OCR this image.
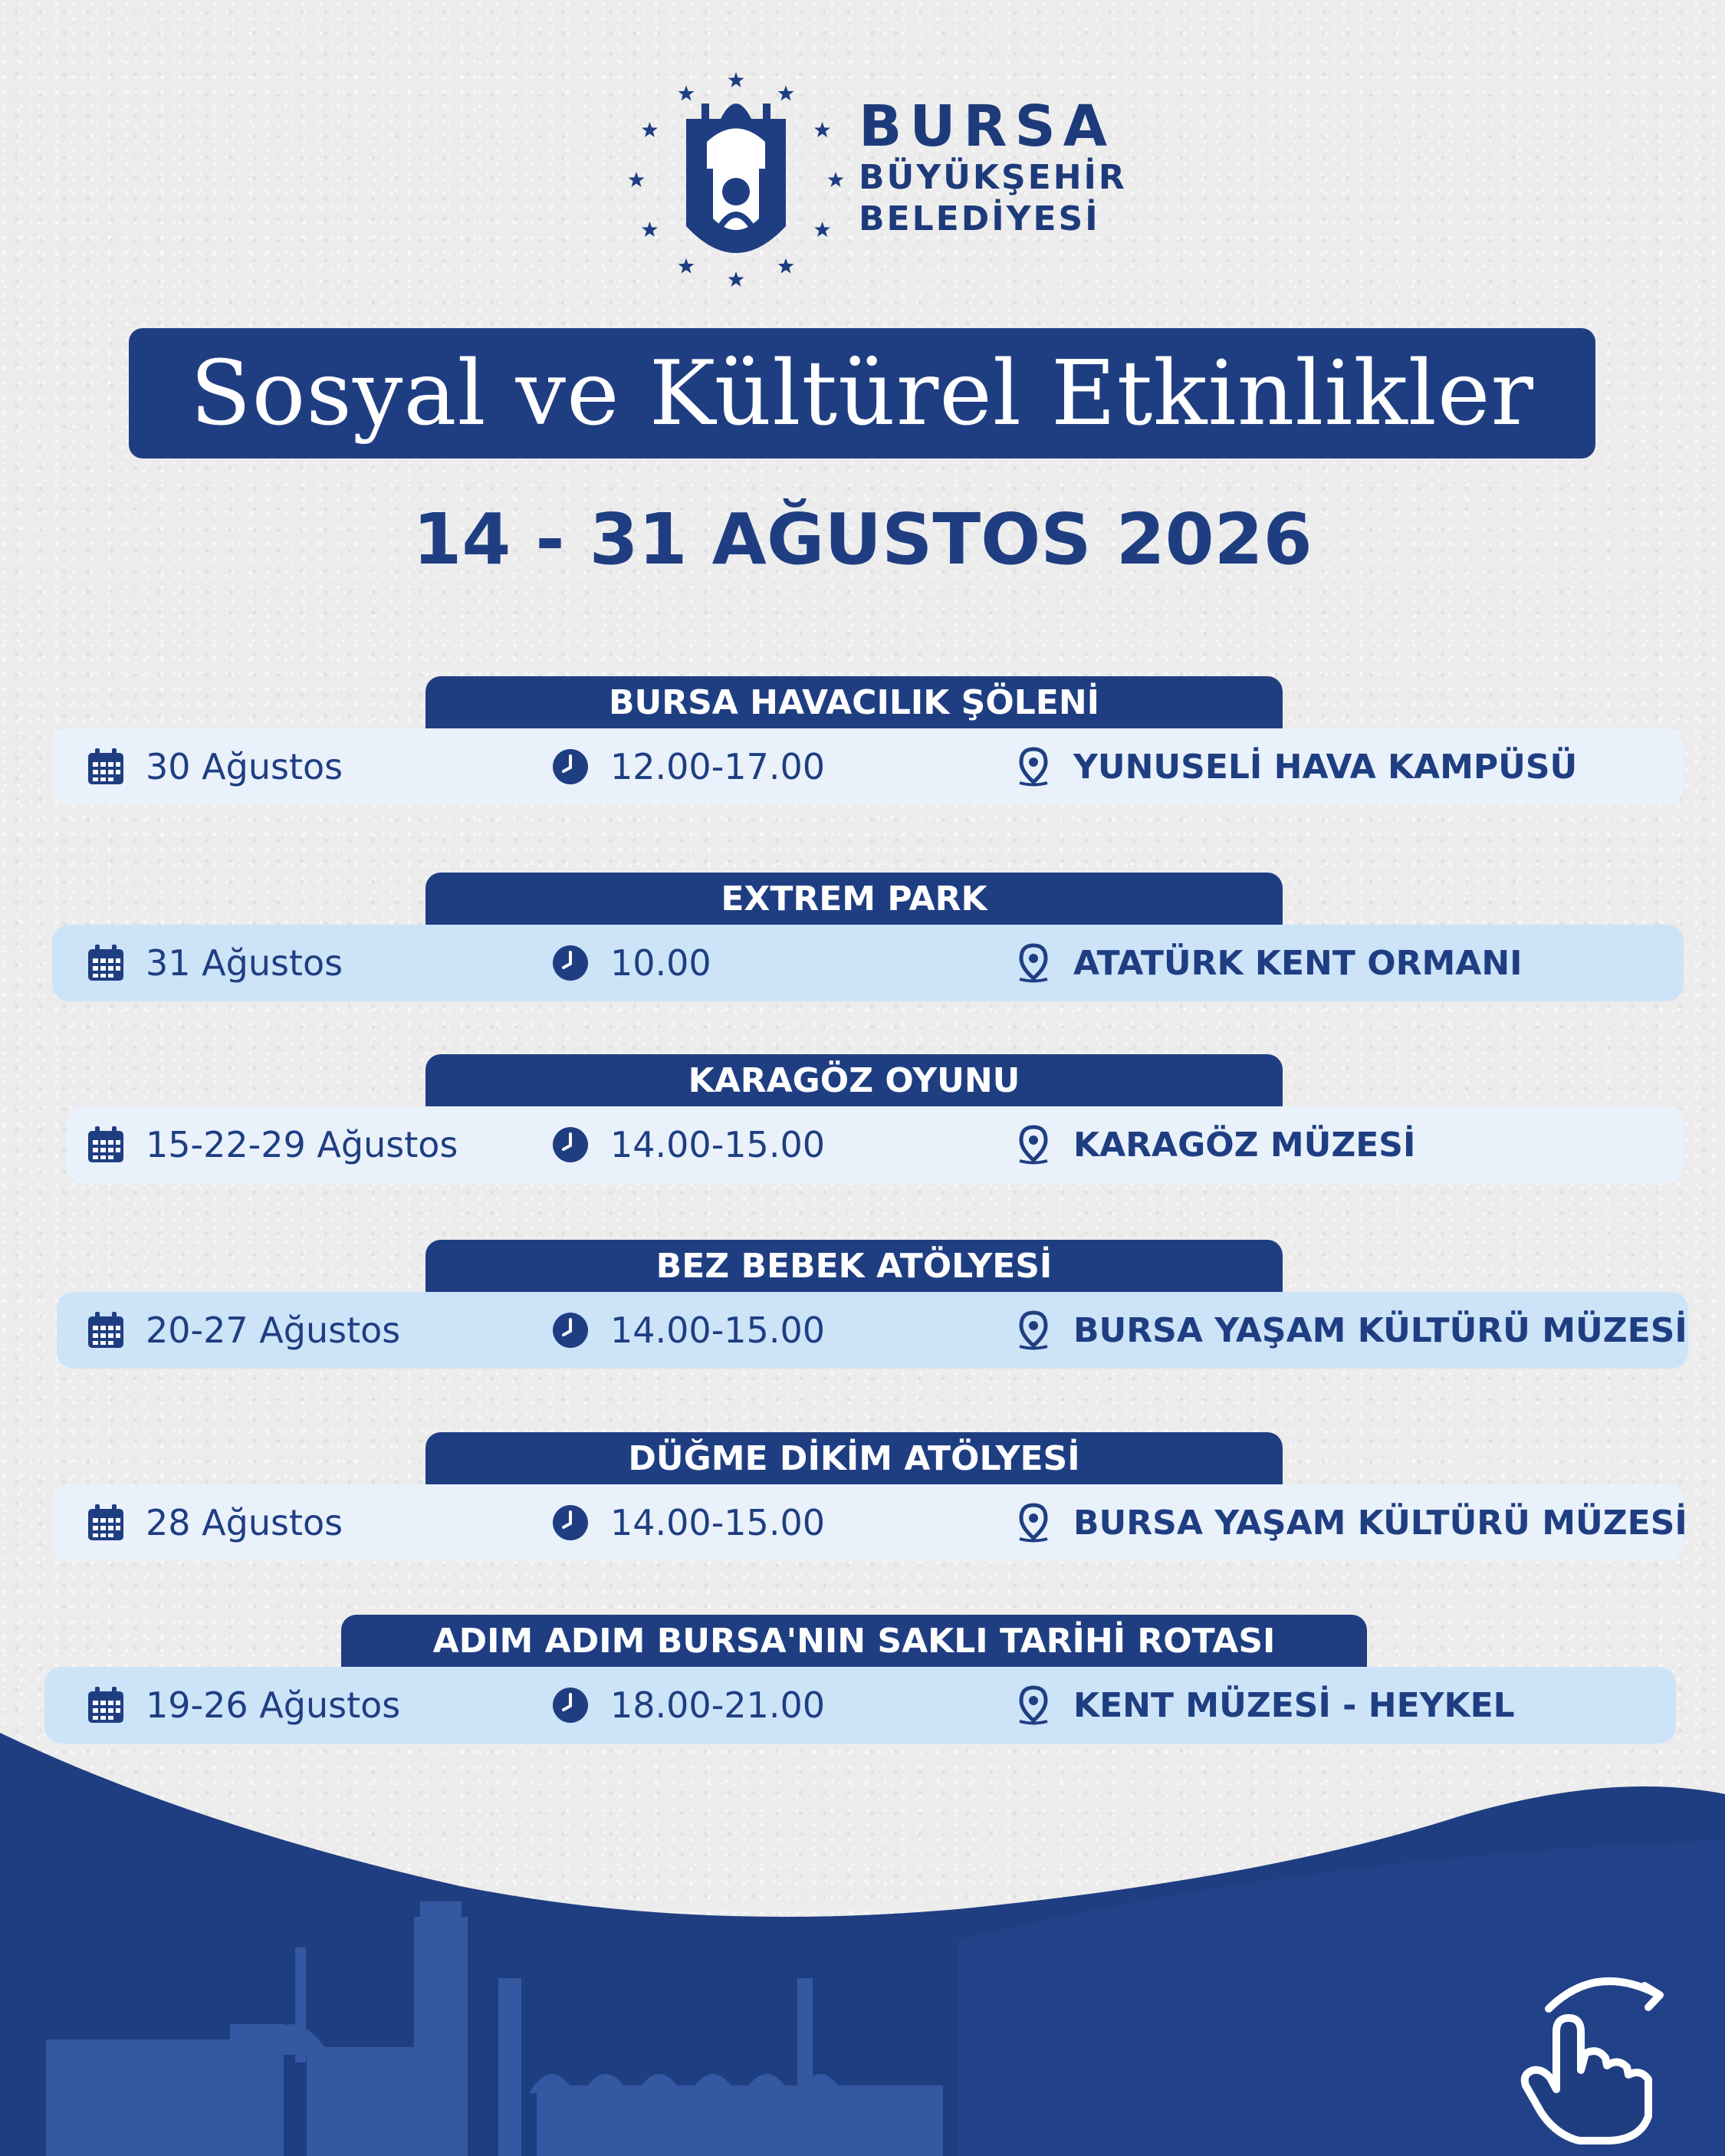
BURSA
BÜYÜKŞEHİR
BELEDİYESİ
Sosyal ve Kültürel Etkinlikler
14 - 31 AĞUSTOS 2026
BURSA HAVACILIK ŞÖLENİ
30 Ağustos	12.00-17.00	YUNUSELİ HAVA KAMPÜSÜ
EXTREM PARK
31 Ağustos	10.00	ATATÜRK KENT ORMANI
KARAGÖZ OYUNU
15-22-29 Ağustos	14.00-15.00	KARAGÖZ MÜZESİ
BEZ BEBEK ATÖLYESİ
20-27 Ağustos	14.00-15.00	BURSA YAŞAM KÜLTÜRÜ MÜZESİ
DÜĞME DİKİM ATÖLYESİ
28 Ağustos	14.00-15.00	BURSA YAŞAM KÜLTÜRÜ MÜZESİ
ADIM ADIM BURSA'NIN SAKLI TARİHİ ROTASI
19-26 Ağustos	18.00-21.00	KENT MÜZESİ - HEYKEL
